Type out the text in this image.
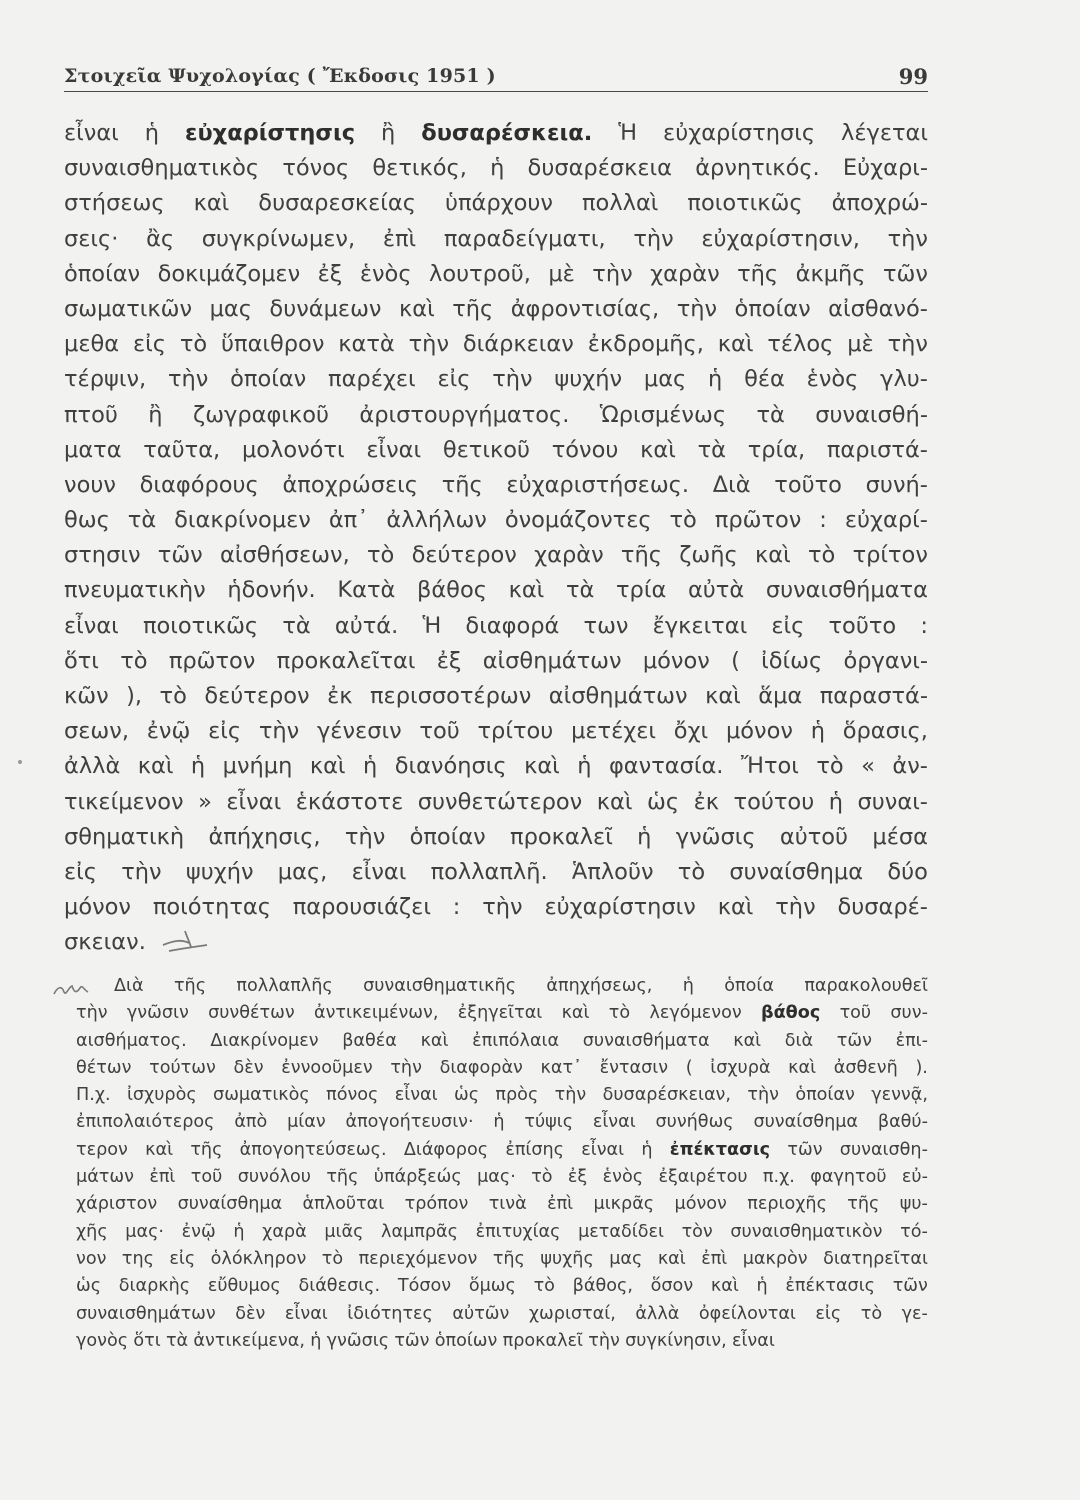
Στοιχεῖα Ψυχολογίας ( Ἔκδοσις 1951 )	99
εἶναι ἡ εὐχαρίστησις ἢ δυσαρέσκεια. Ἡ εὐχαρίστησις λέγεται
συναισθηματικὸς τόνος θετικός, ἡ δυσαρέσκεια ἀρνητικός. Εὐχαρι-
στήσεως καὶ δυσαρεσκείας ὑπάρχουν πολλαὶ ποιοτικῶς ἀποχρώ-
σεις· ἂς συγκρίνωμεν, ἐπὶ παραδείγματι, τὴν εὐχαρίστησιν, τὴν
ὁποίαν δοκιμάζομεν ἐξ ἑνὸς λουτροῦ, μὲ τὴν χαρὰν τῆς ἀκμῆς τῶν
σωματικῶν μας δυνάμεων καὶ τῆς ἀφροντισίας, τὴν ὁποίαν αἰσθανό-
μεθα εἰς τὸ ὕπαιθρον κατὰ τὴν διάρκειαν ἐκδρομῆς, καὶ τέλος μὲ τὴν
τέρψιν, τὴν ὁποίαν παρέχει εἰς τὴν ψυχήν μας ἡ θέα ἑνὸς γλυ-
πτοῦ ἢ ζωγραφικοῦ ἀριστουργήματος. Ὡρισμένως τὰ συναισθή-
ματα ταῦτα, μολονότι εἶναι θετικοῦ τόνου καὶ τὰ τρία, παριστά-
νουν διαφόρους ἀποχρώσεις τῆς εὐχαριστήσεως. Διὰ τοῦτο συνή-
θως τὰ διακρίνομεν ἀπ᾿ ἀλλήλων ὀνομάζοντες τὸ πρῶτον : εὐχαρί-
στησιν τῶν αἰσθήσεων, τὸ δεύτερον χαρὰν τῆς ζωῆς καὶ τὸ τρίτον
πνευματικὴν ἡδονήν. Κατὰ βάθος καὶ τὰ τρία αὐτὰ συναισθήματα
εἶναι ποιοτικῶς τὰ αὐτά. Ἡ διαφορά των ἔγκειται εἰς τοῦτο :
ὅτι τὸ πρῶτον προκαλεῖται ἐξ αἰσθημάτων μόνον ( ἰδίως ὀργανι-
κῶν ), τὸ δεύτερον ἐκ περισσοτέρων αἰσθημάτων καὶ ἅμα παραστά-
σεων, ἐνῷ εἰς τὴν γένεσιν τοῦ τρίτου μετέχει ὄχι μόνον ἡ ὅρασις,
ἀλλὰ καὶ ἡ μνήμη καὶ ἡ διανόησις καὶ ἡ φαντασία. Ἤτοι τὸ « ἀν-
τικείμενον » εἶναι ἑκάστοτε συνθετώτερον καὶ ὡς ἐκ τούτου ἡ συναι-
σθηματικὴ ἀπήχησις, τὴν ὁποίαν προκαλεῖ ἡ γνῶσις αὐτοῦ μέσα
εἰς τὴν ψυχήν μας, εἶναι πολλαπλῆ. Ἁπλοῦν τὸ συναίσθημα δύο
μόνον ποιότητας παρουσιάζει : τὴν εὐχαρίστησιν καὶ τὴν δυσαρέ-
σκειαν.
Διὰ τῆς πολλαπλῆς συναισθηματικῆς ἀπηχήσεως, ἡ ὁποία παρακολουθεῖ
τὴν γνῶσιν συνθέτων ἀντικειμένων, ἐξηγεῖται καὶ τὸ λεγόμενον βάθος τοῦ συν-
αισθήματος. Διακρίνομεν βαθέα καὶ ἐπιπόλαια συναισθήματα καὶ διὰ τῶν ἐπι-
θέτων τούτων δὲν ἐννοοῦμεν τὴν διαφορὰν κατ᾿ ἔντασιν ( ἰσχυρὰ καὶ ἀσθενῆ ).
Π.χ. ἰσχυρὸς σωματικὸς πόνος εἶναι ὡς πρὸς τὴν δυσαρέσκειαν, τὴν ὁποίαν γεννᾷ,
ἐπιπολαιότερος ἀπὸ μίαν ἀπογοήτευσιν· ἡ τύψις εἶναι συνήθως συναίσθημα βαθύ-
τερον καὶ τῆς ἀπογοητεύσεως. Διάφορος ἐπίσης εἶναι ἡ ἐπέκτασις τῶν συναισθη-
μάτων ἐπὶ τοῦ συνόλου τῆς ὑπάρξεώς μας· τὸ ἐξ ἑνὸς ἐξαιρέτου π.χ. φαγητοῦ εὐ-
χάριστον συναίσθημα ἁπλοῦται τρόπον τινὰ ἐπὶ μικρᾶς μόνον περιοχῆς τῆς ψυ-
χῆς μας· ἐνῷ ἡ χαρὰ μιᾶς λαμπρᾶς ἐπιτυχίας μεταδίδει τὸν συναισθηματικὸν τό-
νον της εἰς ὁλόκληρον τὸ περιεχόμενον τῆς ψυχῆς μας καὶ ἐπὶ μακρὸν διατηρεῖται
ὡς διαρκὴς εὔθυμος διάθεσις. Τόσον ὅμως τὸ βάθος, ὅσον καὶ ἡ ἐπέκτασις τῶν
συναισθημάτων δὲν εἶναι ἰδιότητες αὐτῶν χωρισταί, ἀλλὰ ὀφείλονται εἰς τὸ γε-
γονὸς ὅτι τὰ ἀντικείμενα, ἡ γνῶσις τῶν ὁποίων προκαλεῖ τὴν συγκίνησιν, εἶναι
